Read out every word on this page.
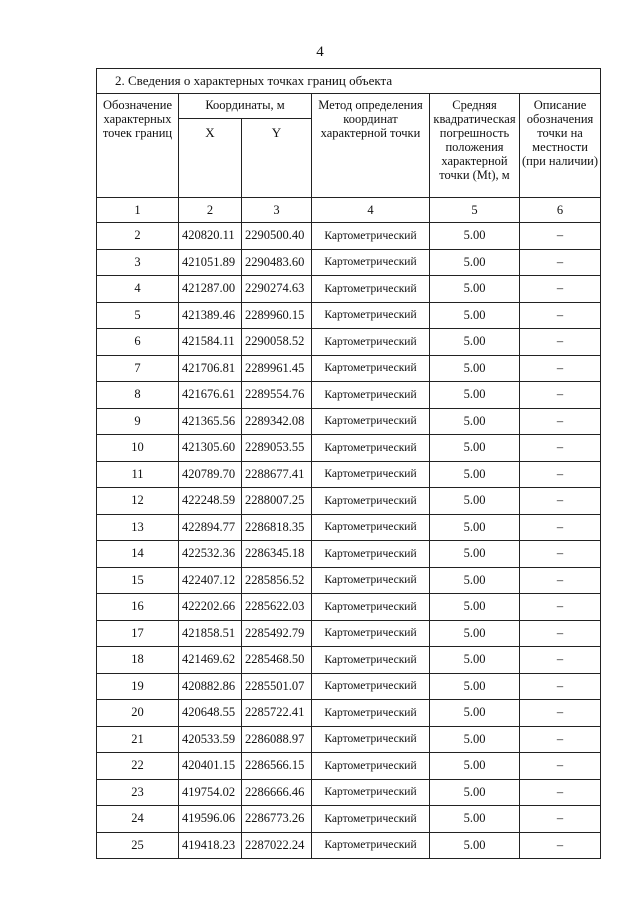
4
2. Сведения о характерных точках границ объекта					
Обозначение характерных точек границ	Координаты, м		Метод определения координат характерной точки	Средняя квадратическая погрешность положения характерной точки (Mt), м	Описание обозначения точки на местности (при наличии)
	X	Y			
1	2	3	4	5	6
2	420820.11	2290500.40	Картометрический	5.00	–
3	421051.89	2290483.60	Картометрический	5.00	–
4	421287.00	2290274.63	Картометрический	5.00	–
5	421389.46	2289960.15	Картометрический	5.00	–
6	421584.11	2290058.52	Картометрический	5.00	–
7	421706.81	2289961.45	Картометрический	5.00	–
8	421676.61	2289554.76	Картометрический	5.00	–
9	421365.56	2289342.08	Картометрический	5.00	–
10	421305.60	2289053.55	Картометрический	5.00	–
11	420789.70	2288677.41	Картометрический	5.00	–
12	422248.59	2288007.25	Картометрический	5.00	–
13	422894.77	2286818.35	Картометрический	5.00	–
14	422532.36	2286345.18	Картометрический	5.00	–
15	422407.12	2285856.52	Картометрический	5.00	–
16	422202.66	2285622.03	Картометрический	5.00	–
17	421858.51	2285492.79	Картометрический	5.00	–
18	421469.62	2285468.50	Картометрический	5.00	–
19	420882.86	2285501.07	Картометрический	5.00	–
20	420648.55	2285722.41	Картометрический	5.00	–
21	420533.59	2286088.97	Картометрический	5.00	–
22	420401.15	2286566.15	Картометрический	5.00	–
23	419754.02	2286666.46	Картометрический	5.00	–
24	419596.06	2286773.26	Картометрический	5.00	–
25	419418.23	2287022.24	Картометрический	5.00	–
